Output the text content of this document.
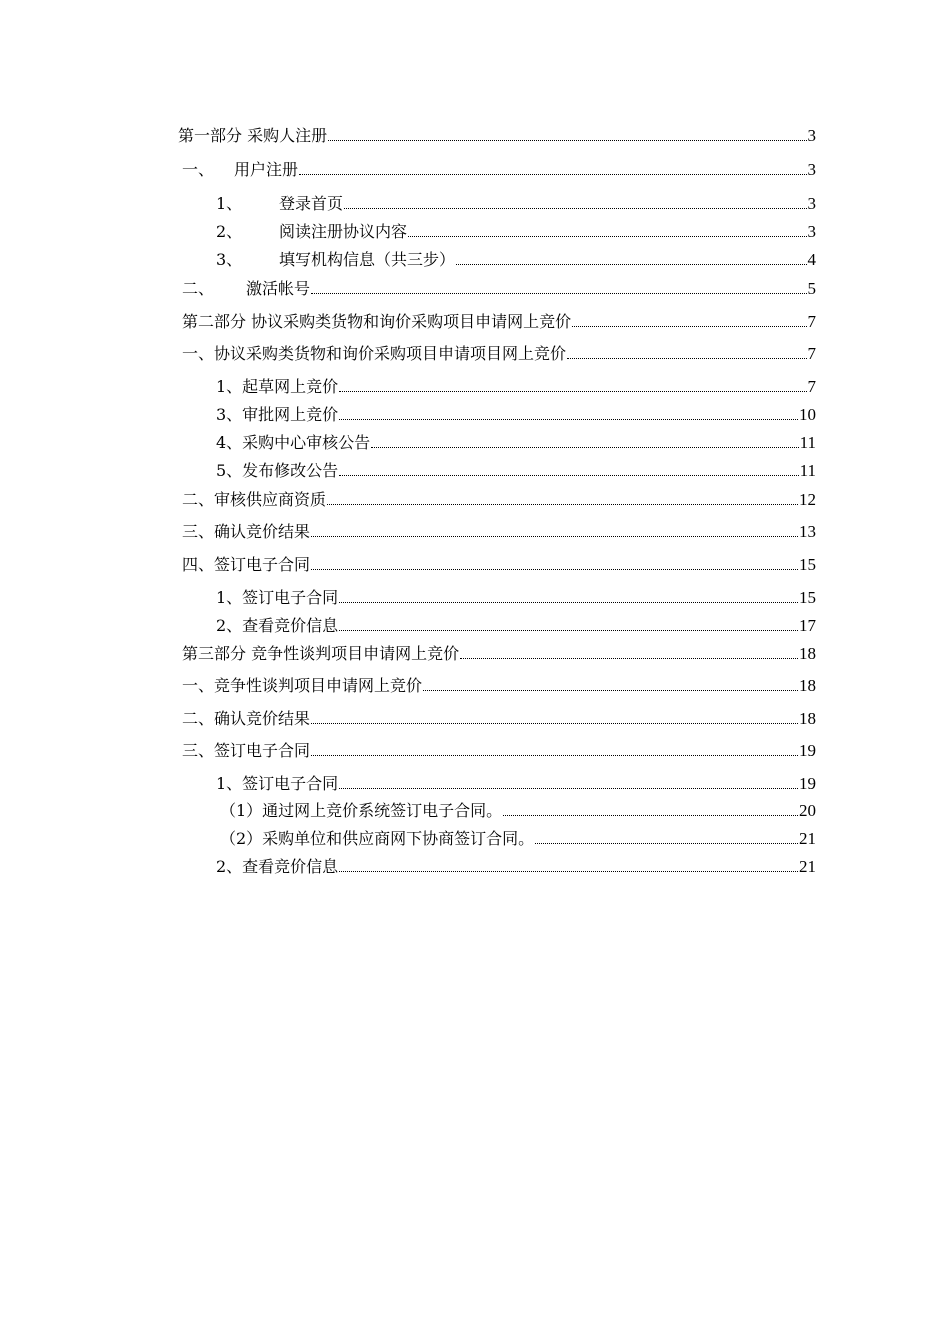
第一部分 采购人注册	3
一、	用户注册	3
1、	登录首页	3
2、	阅读注册协议内容	3
3、	填写机构信息（共三步）	4
二、	激活帐号	5
第二部分 协议采购类货物和询价采购项目申请网上竞价	7
一、协议采购类货物和询价采购项目申请项目网上竞价	7
1、起草网上竞价	7
3、审批网上竞价	10
4、采购中心审核公告	11
5、发布修改公告	11
二、审核供应商资质	12
三、确认竞价结果	13
四、签订电子合同	15
1、签订电子合同	15
2、查看竞价信息	17
第三部分 竞争性谈判项目申请网上竞价	18
一、竞争性谈判项目申请网上竞价	18
二、确认竞价结果	18
三、签订电子合同	19
1、签订电子合同	19
（1）通过网上竞价系统签订电子合同。	20
（2）采购单位和供应商网下协商签订合同。	21
2、查看竞价信息	21
